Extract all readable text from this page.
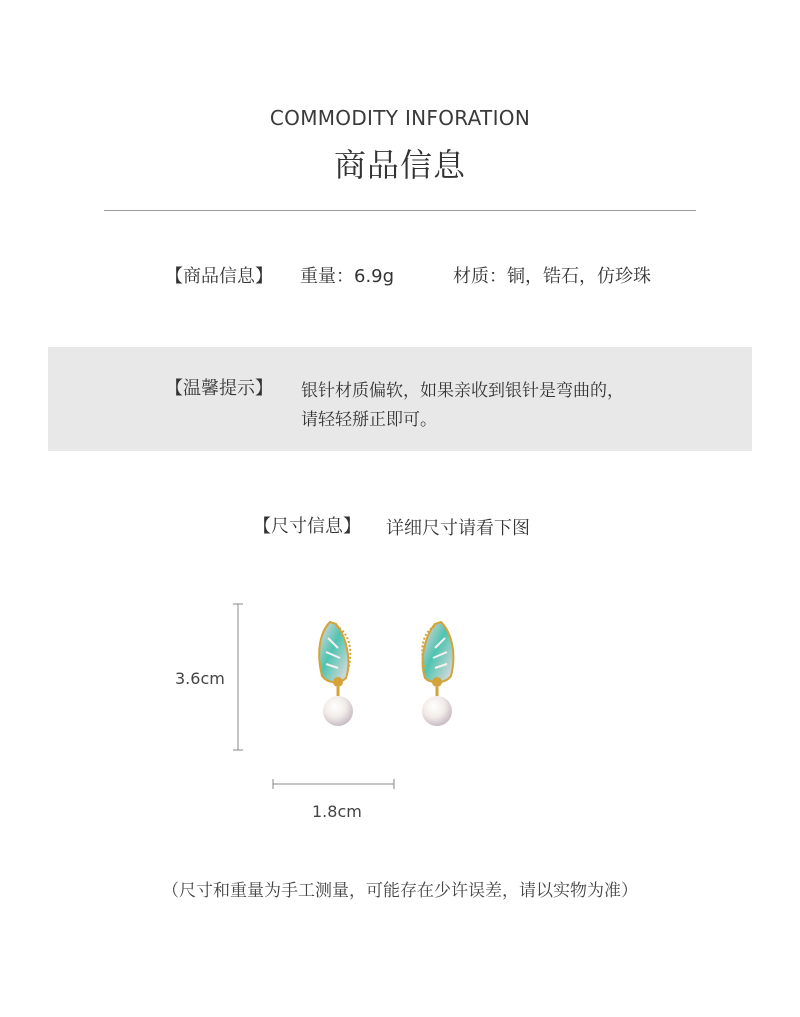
COMMODITY INFORATION
商品信息
【商品信息】 重量：6.9g	材质：铜，锆石，仿珍珠
【温馨提示】 银针材质偏软，如果亲收到银针是弯曲的，
请轻轻掰正即可。
【尺寸信息】 详细尺寸请看下图
3.6cm
1.8cm
（尺寸和重量为手工测量，可能存在少许误差，请以实物为准）
